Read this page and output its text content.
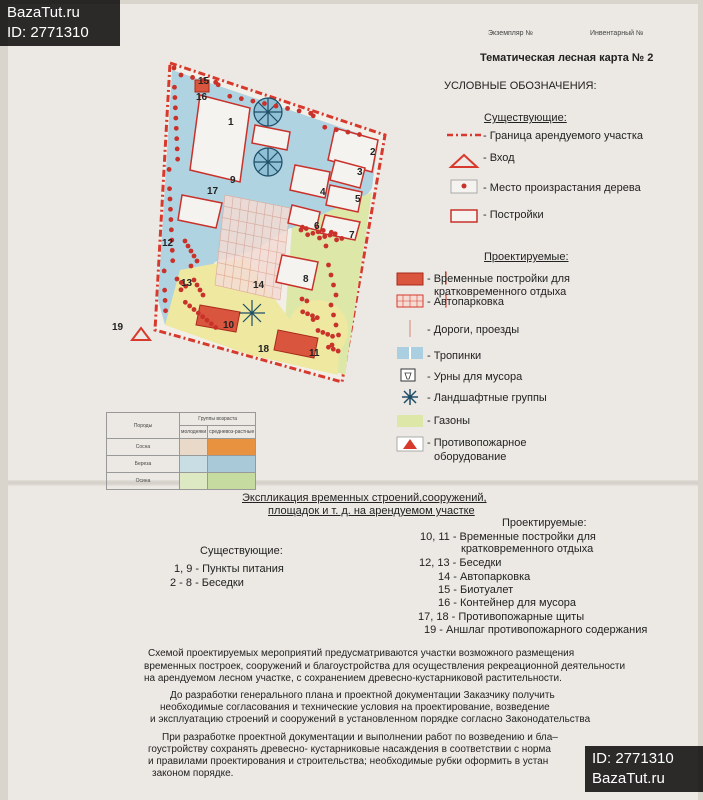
Экземпляр №	Инвентарный №
Тематическая лесная карта № 2
1
2
3
4
5
6
7
8
9
10
11
12
13	14
15
16
17
18
19
УСЛОВНЫЕ ОБОЗНАЧЕНИЯ:
Существующие:
- Граница арендуемого участка
- Вход
- Место произрастания дерева
- Постройки
Проектируемые:
- Временные постройки для
кратковременного отдыха
- Автопарковка
- Дороги, проезды
- Тропинки
- Урны для мусора
- Ландшафтные группы
- Газоны
- Противопожарное
оборудование
Породы	Группы возраста	
	молодняки	средневоз-растные
Сосна		
Береза		
Осина		
Экспликация временных строений,сооружений,
площадок и т. д. на арендуемом участке
Существующие:
1, 9 - Пункты питания
2 - 8 - Беседки
Проектируемые:
10, 11 - Временные постройки для
кратковременного отдыха
12, 13 - Беседки
14 - Автопарковка
15 - Биотуалет
16 - Контейнер для мусора
17, 18 - Противопожарные щиты
19 - Аншлаг противопожарного содержания
Схемой проектируемых мероприятий предусматриваются участки возможного размещения
временных построек, сооружений и благоустройства для осуществления рекреационной деятельности
на арендуемом лесном участке, с сохранением древесно-кустарниковой растительности.
До разработки генерального плана и проектной документации Заказчику получить
необходимые согласования и технические условия на проектирование, возведение
и эксплуатацию строений и сооружений в установленном порядке согласно Законодательства
При разработке проектной документации и выполнении работ по возведению и бла–
гоустройству сохранять древесно- кустарниковые насаждения в соответствии с норма
и правилами проектирования и строительства; необходимые рубки оформить в устан
законом порядке.
BazaTut.ru
ID: 2771310
ID: 2771310
BazaTut.ru
